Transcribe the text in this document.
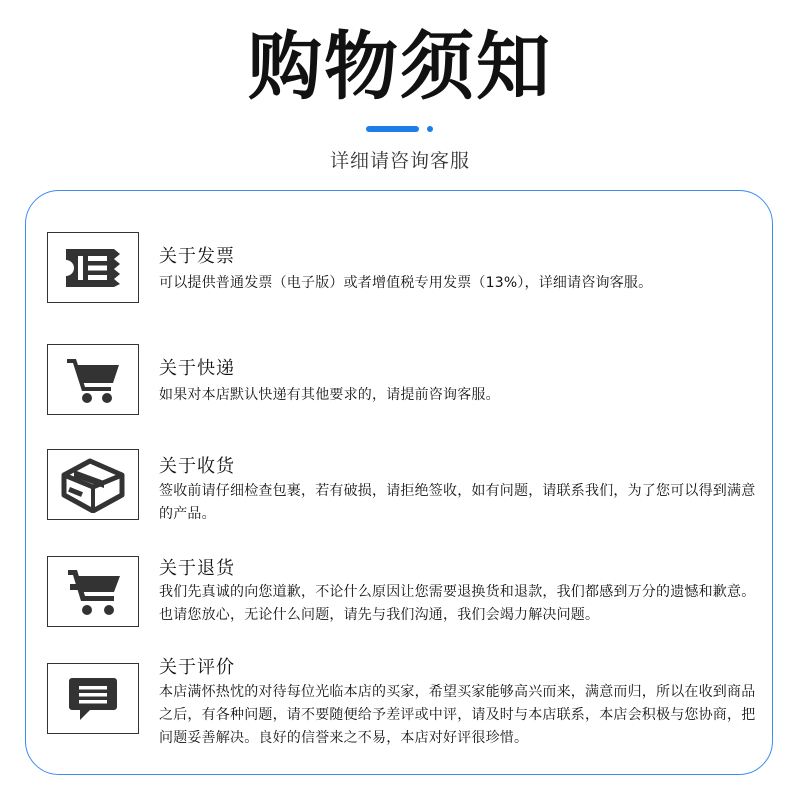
购物须知
详细请咨询客服
关于发票
可以提供普通发票（电子版）或者增值税专用发票（13%），详细请咨询客服。
关于快递
如果对本店默认快递有其他要求的，请提前咨询客服。
关于收货
签收前请仔细检查包裹，若有破损，请拒绝签收，如有问题，请联系我们，为了您可以得到满意的产品。
关于退货
我们先真诚的向您道歉，不论什么原因让您需要退换货和退款，我们都感到万分的遗憾和歉意。也请您放心，无论什么问题，请先与我们沟通，我们会竭力解决问题。
关于评价
本店满怀热忱的对待每位光临本店的买家，希望买家能够高兴而来，满意而归，所以在收到商品之后，有各种问题，请不要随便给予差评或中评，请及时与本店联系，本店会积极与您协商，把问题妥善解决。良好的信誉来之不易，本店对好评很珍惜。
